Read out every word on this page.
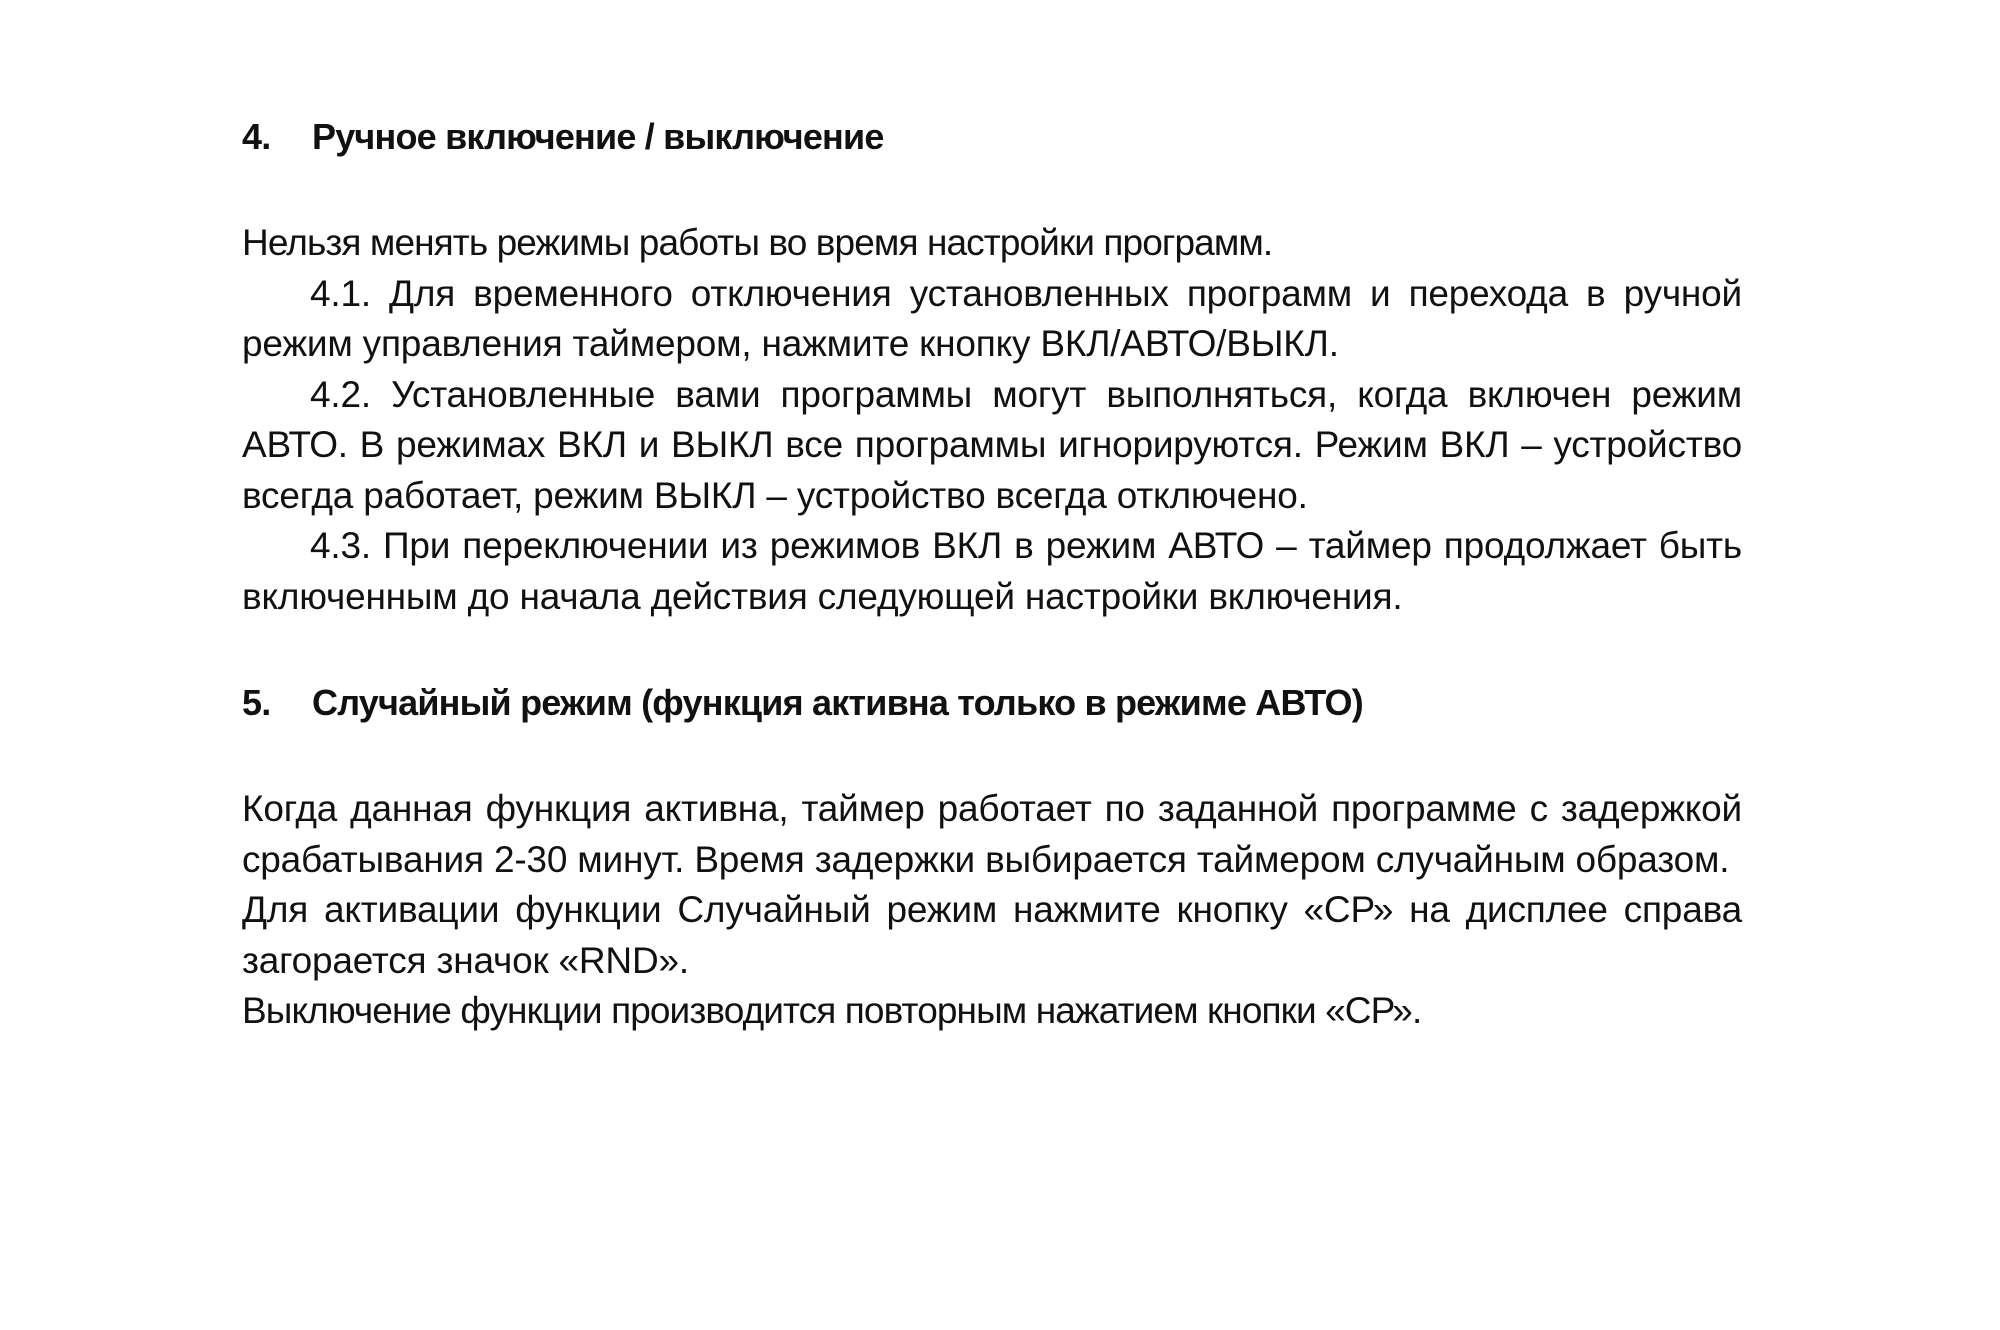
4.	Ручное включение / выключение

Нельзя менять режимы работы во время настройки программ.

4.1. Для временного отключения установленных программ и перехода в ручной режим управления таймером, нажмите кнопку ВКЛ/АВТО/ВЫКЛ.

4.2. Установленные вами программы могут выполняться, когда включен режим АВТО. В режимах ВКЛ и ВЫКЛ все программы игнорируются. Режим ВКЛ – устройство всегда работает, режим ВЫКЛ – устройство всегда отключено.

4.3. При переключении из режимов ВКЛ в режим АВТО – таймер продолжает быть включенным до начала действия следующей настройки включения.

5.	Случайный режим (функция активна только в режиме АВТО)

Когда данная функция активна, таймер работает по заданной программе с задержкой срабатывания 2-30 минут. Время задержки выбирается таймером случайным образом.

Для активации функции Случайный режим нажмите кнопку «СР» на дисплее справа загорается значок «RND».

Выключение функции производится повторным нажатием кнопки «СР».
